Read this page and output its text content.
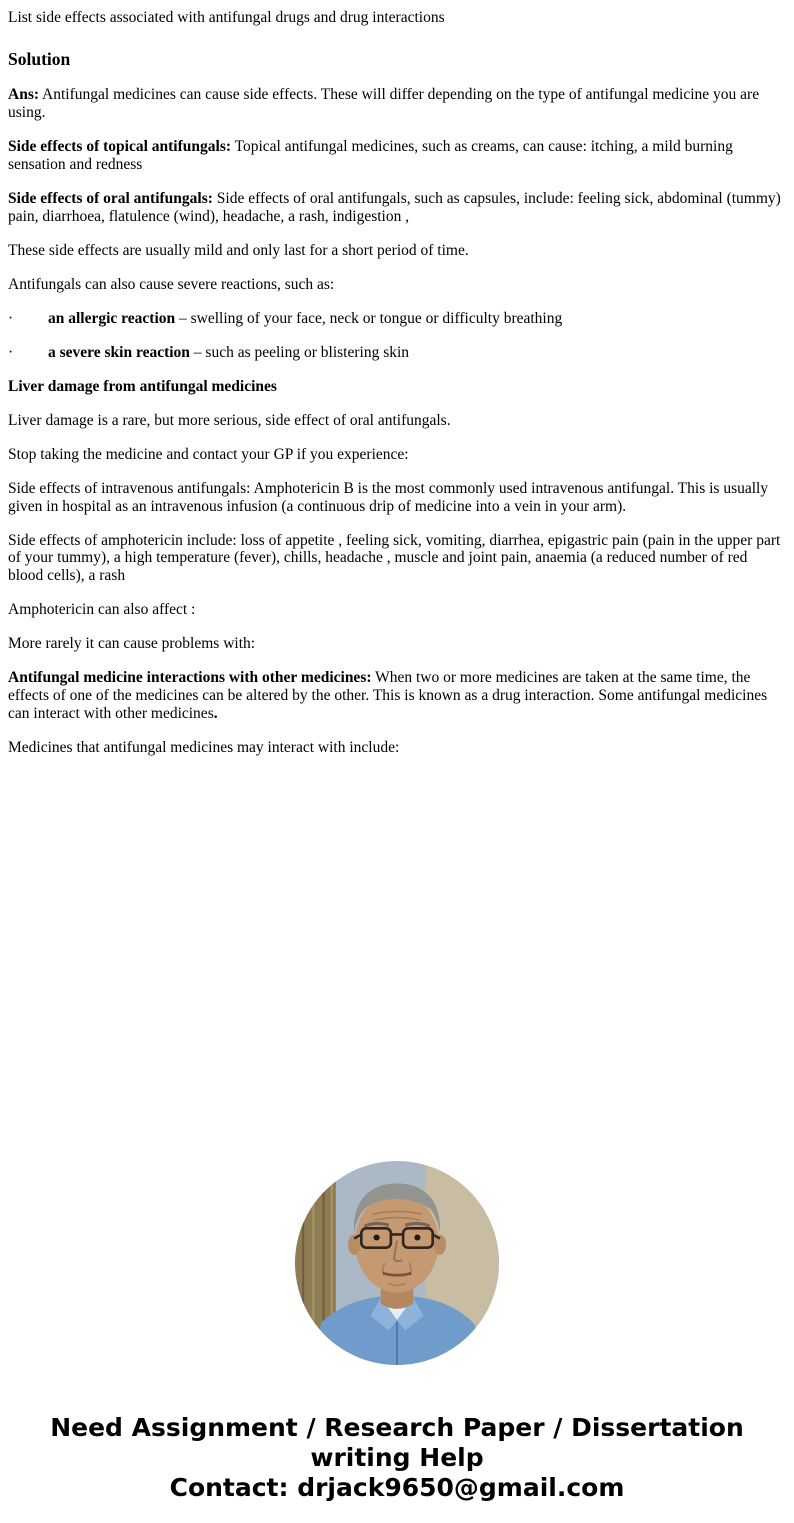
List side effects associated with antifungal drugs and drug interactions

Solution

Ans: Antifungal medicines can cause side effects. These will differ depending on the type of antifungal medicine you are using.

Side effects of topical antifungals: Topical antifungal medicines, such as creams, can cause: itching, a mild burning sensation and redness

Side effects of oral antifungals: Side effects of oral antifungals, such as capsules, include: feeling sick, abdominal (tummy) pain, diarrhoea, flatulence (wind), headache, a rash, indigestion ,

These side effects are usually mild and only last for a short period of time.

Antifungals can also cause severe reactions, such as:

· an allergic reaction – swelling of your face, neck or tongue or difficulty breathing

· a severe skin reaction – such as peeling or blistering skin

Liver damage from antifungal medicines

Liver damage is a rare, but more serious, side effect of oral antifungals.

Stop taking the medicine and contact your GP if you experience:

Side effects of intravenous antifungals: Amphotericin B is the most commonly used intravenous antifungal. This is usually given in hospital as an intravenous infusion (a continuous drip of medicine into a vein in your arm).

Side effects of amphotericin include: loss of appetite , feeling sick, vomiting, diarrhea, epigastric pain (pain in the upper part of your tummy), a high temperature (fever), chills, headache , muscle and joint pain, anaemia (a reduced number of red blood cells), a rash

Amphotericin can also affect :

More rarely it can cause problems with:

Antifungal medicine interactions with other medicines: When two or more medicines are taken at the same time, the effects of one of the medicines can be altered by the other. This is known as a drug interaction. Some antifungal medicines can interact with other medicines.

Medicines that antifungal medicines may interact with include:

Need Assignment / Research Paper / Dissertation writing Help

Contact: drjack9650@gmail.com
